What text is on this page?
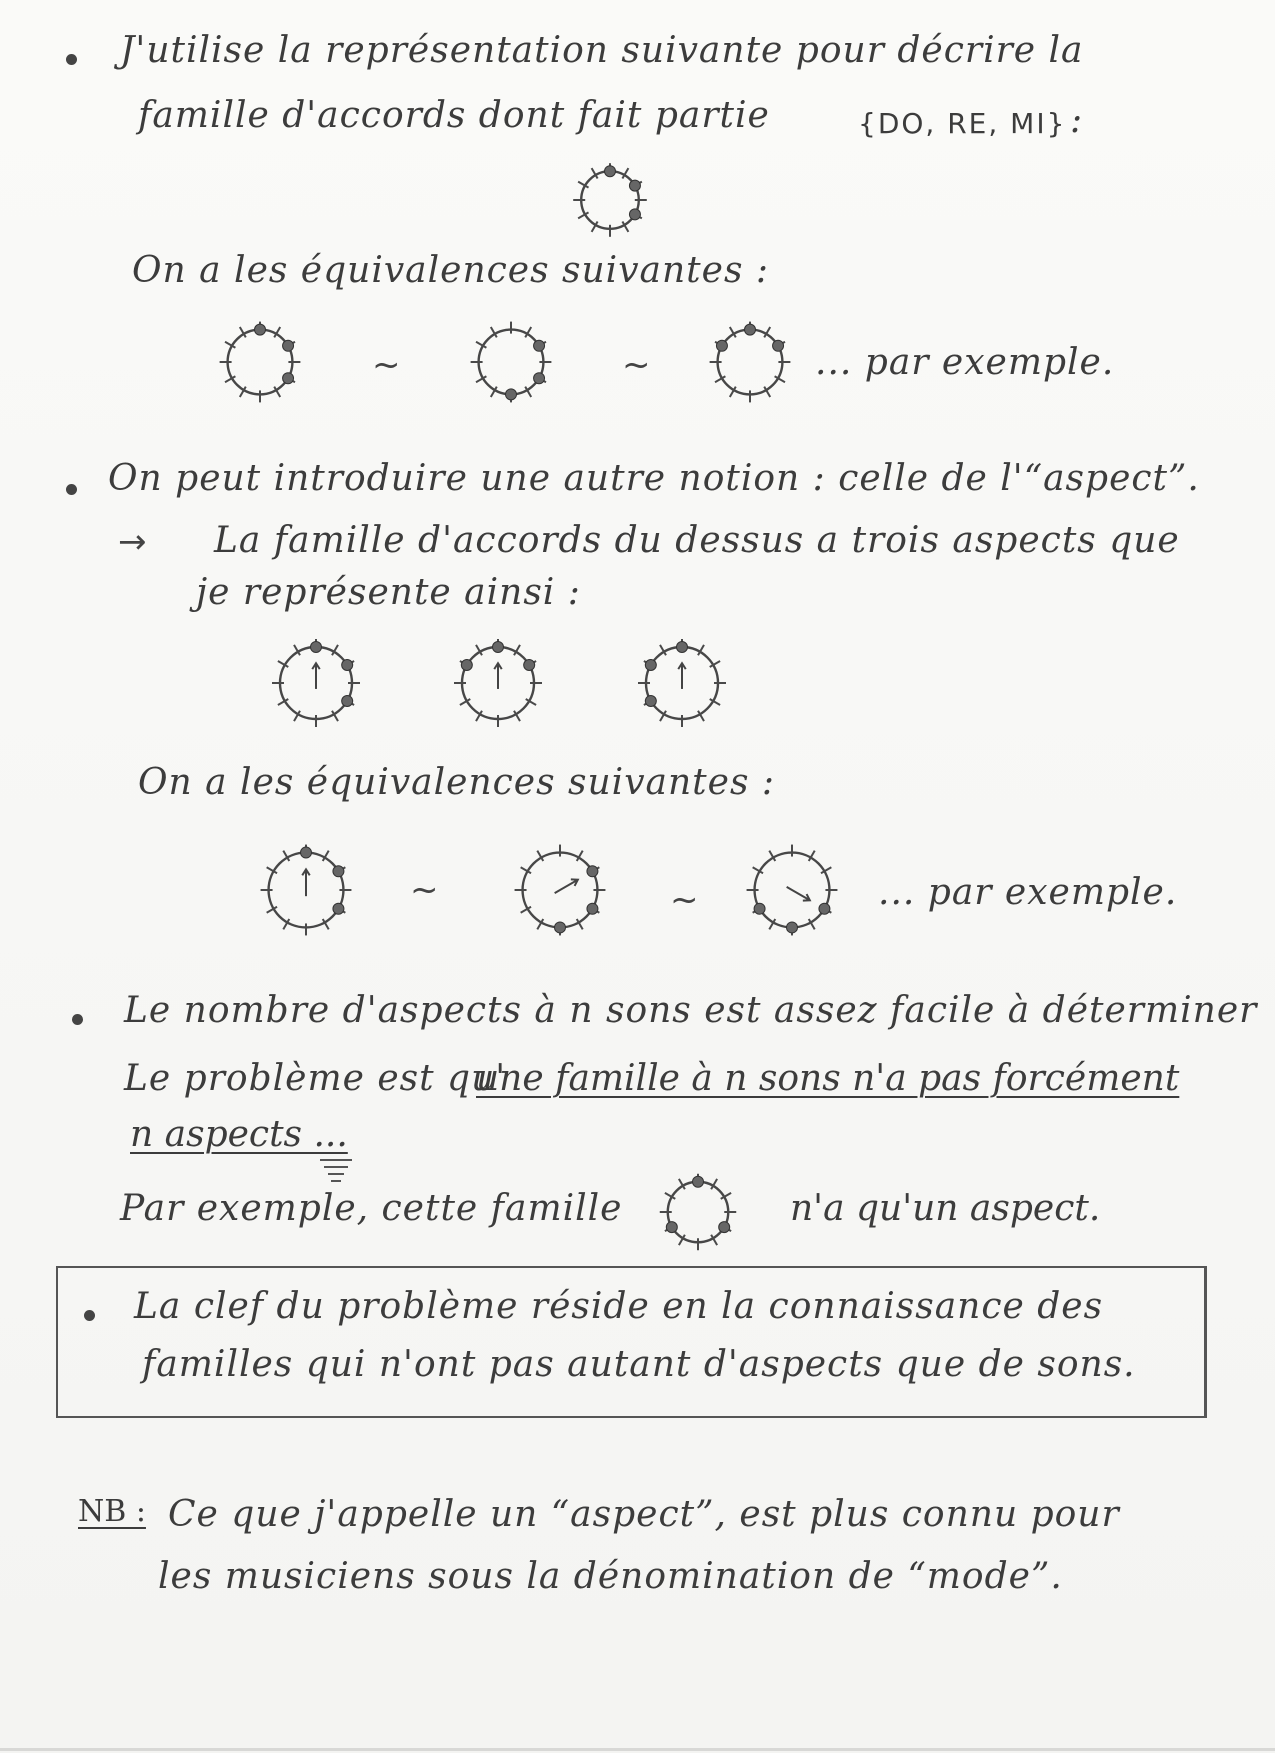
J'utilise la représentation suivante pour décrire la
famille d'accords dont fait partie	{DO, RE, MI} :
On a les équivalences suivantes :
~	~	... par exemple.
On peut introduire une autre notion : celle de l'“aspect”.
→ La famille d'accords du dessus a trois aspects que
je représente ainsi :
On a les équivalences suivantes :
~	~	... par exemple.
Le nombre d'aspects à n sons est assez facile à déterminer
Le problème est qu'
une famille à n sons n'a pas forcément
n aspects ...
Par exemple, cette famille	n'a qu'un aspect.
La clef du problème réside en la connaissance des
familles qui n'ont pas autant d'aspects que de sons.
NB : Ce que j'appelle un “aspect”, est plus connu pour
les musiciens sous la dénomination de “mode”.
